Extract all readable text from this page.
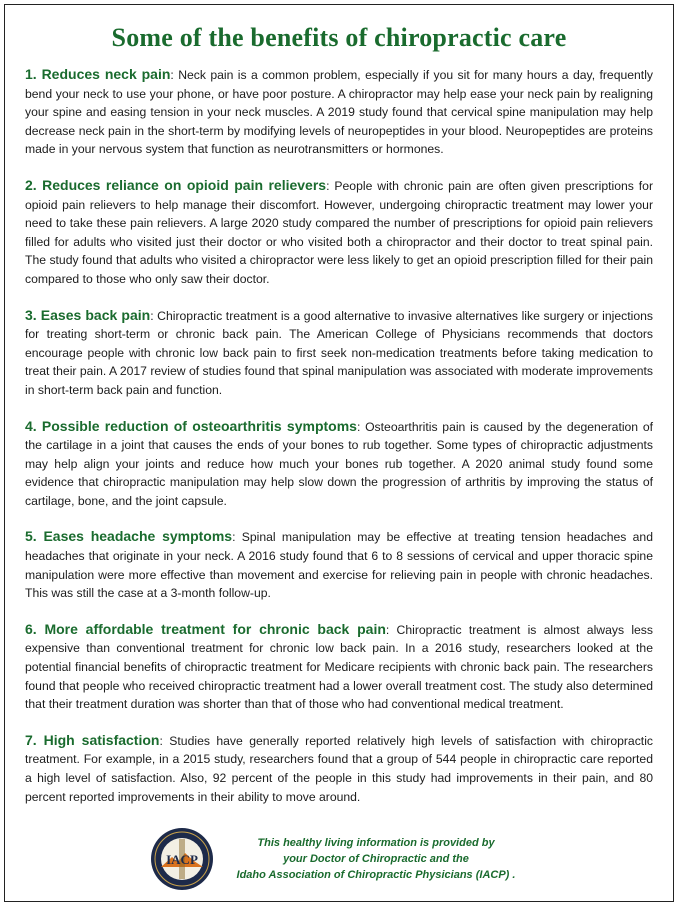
Some of the benefits of chiropractic care

1. Reduces neck pain: Neck pain is a common problem, especially if you sit for many hours a day, frequently bend your neck to use your phone, or have poor posture. A chiropractor may help ease your neck pain by realigning your spine and easing tension in your neck muscles. A 2019 study found that cervical spine manipulation may help decrease neck pain in the short-term by modifying levels of neuropeptides in your blood. Neuropeptides are proteins made in your nervous system that function as neurotransmitters or hormones.

2. Reduces reliance on opioid pain relievers: People with chronic pain are often given prescriptions for opioid pain relievers to help manage their discomfort. However, undergoing chiropractic treatment may lower your need to take these pain relievers. A large 2020 study compared the number of prescriptions for opioid pain relievers filled for adults who visited just their doctor or who visited both a chiropractor and their doctor to treat spinal pain. The study found that adults who visited a chiropractor were less likely to get an opioid prescription filled for their pain compared to those who only saw their doctor.

3. Eases back pain: Chiropractic treatment is a good alternative to invasive alternatives like surgery or injections for treating short-term or chronic back pain. The American College of Physicians recommends that doctors encourage people with chronic low back pain to first seek non-medication treatments before taking medication to treat their pain. A 2017 review of studies found that spinal manipulation was associated with moderate improvements in short-term back pain and function.

4. Possible reduction of osteoarthritis symptoms: Osteoarthritis pain is caused by the degeneration of the cartilage in a joint that causes the ends of your bones to rub together. Some types of chiropractic adjustments may help align your joints and reduce how much your bones rub together. A 2020 animal study found some evidence that chiropractic manipulation may help slow down the progression of arthritis by improving the status of cartilage, bone, and the joint capsule.

5. Eases headache symptoms: Spinal manipulation may be effective at treating tension headaches and headaches that originate in your neck. A 2016 study found that 6 to 8 sessions of cervical and upper thoracic spine manipulation were more effective than movement and exercise for relieving pain in people with chronic headaches. This was still the case at a 3-month follow-up.

6. More affordable treatment for chronic back pain: Chiropractic treatment is almost always less expensive than conventional treatment for chronic low back pain. In a 2016 study, researchers looked at the potential financial benefits of chiropractic treatment for Medicare recipients with chronic back pain. The researchers found that people who received chiropractic treatment had a lower overall treatment cost. The study also determined that their treatment duration was shorter than that of those who had conventional medical treatment.

7. High satisfaction: Studies have generally reported relatively high levels of satisfaction with chiropractic treatment. For example, in a 2015 study, researchers found that a group of 544 people in chiropractic care reported a high level of satisfaction. Also, 92 percent of the people in this study had improvements in their pain, and 80 percent reported improvements in their ability to move around.

IACP
This healthy living information is provided by
your Doctor of Chiropractic and the
Idaho Association of Chiropractic Physicians (IACP) .
